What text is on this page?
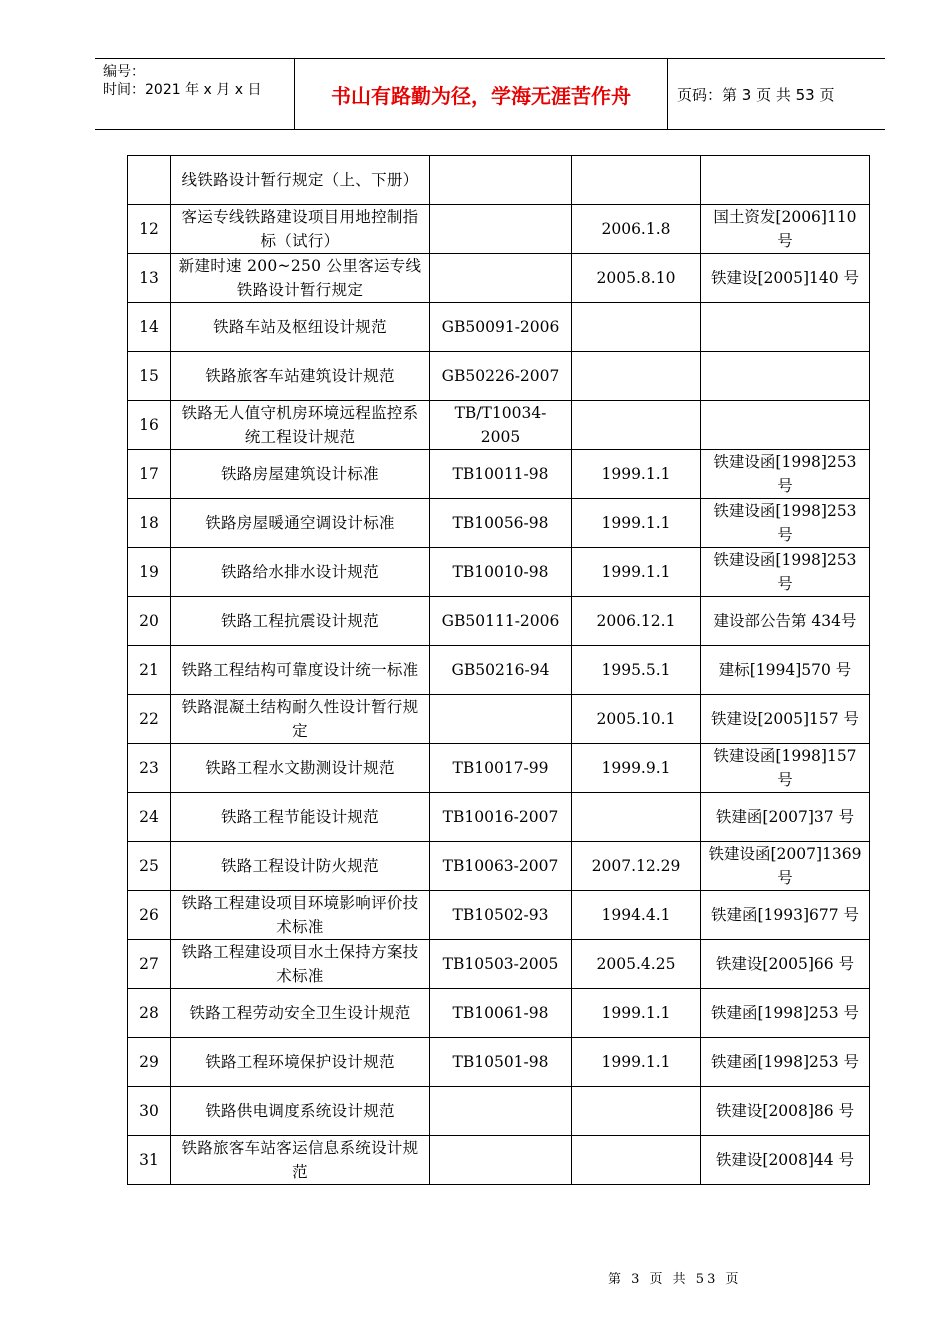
编号：
时间：2021 年 x 月 x 日	书山有路勤为径，学海无涯苦作舟	页码：第 3 页 共 53 页
	线铁路设计暂行规定（上、下册）			
12	客运专线铁路建设项目用地控制指标（试行）		2006.1.8	国土资发[2006]110号
13	新建时速 200~250 公里客运专线铁路设计暂行规定		2005.8.10	铁建设[2005]140 号
14	铁路车站及枢纽设计规范	GB50091-2006		
15	铁路旅客车站建筑设计规范	GB50226-2007		
16	铁路无人值守机房环境远程监控系统工程设计规范	TB/T10034-2005		
17	铁路房屋建筑设计标准	TB10011-98	1999.1.1	铁建设函[1998]253号
18	铁路房屋暖通空调设计标准	TB10056-98	1999.1.1	铁建设函[1998]253号
19	铁路给水排水设计规范	TB10010-98	1999.1.1	铁建设函[1998]253号
20	铁路工程抗震设计规范	GB50111-2006	2006.12.1	建设部公告第 434号
21	铁路工程结构可靠度设计统一标准	GB50216-94	1995.5.1	建标[1994]570 号
22	铁路混凝土结构耐久性设计暂行规定		2005.10.1	铁建设[2005]157 号
23	铁路工程水文勘测设计规范	TB10017-99	1999.9.1	铁建设函[1998]157号
24	铁路工程节能设计规范	TB10016-2007		铁建函[2007]37 号
25	铁路工程设计防火规范	TB10063-2007	2007.12.29	铁建设函[2007]1369 号
26	铁路工程建设项目环境影响评价技术标准	TB10502-93	1994.4.1	铁建函[1993]677 号
27	铁路工程建设项目水土保持方案技术标准	TB10503-2005	2005.4.25	铁建设[2005]66 号
28	铁路工程劳动安全卫生设计规范	TB10061-98	1999.1.1	铁建函[1998]253 号
29	铁路工程环境保护设计规范	TB10501-98	1999.1.1	铁建函[1998]253 号
30	铁路供电调度系统设计规范			铁建设[2008]86 号
31	铁路旅客车站客运信息系统设计规范			铁建设[2008]44 号
第 3 页 共 53 页
